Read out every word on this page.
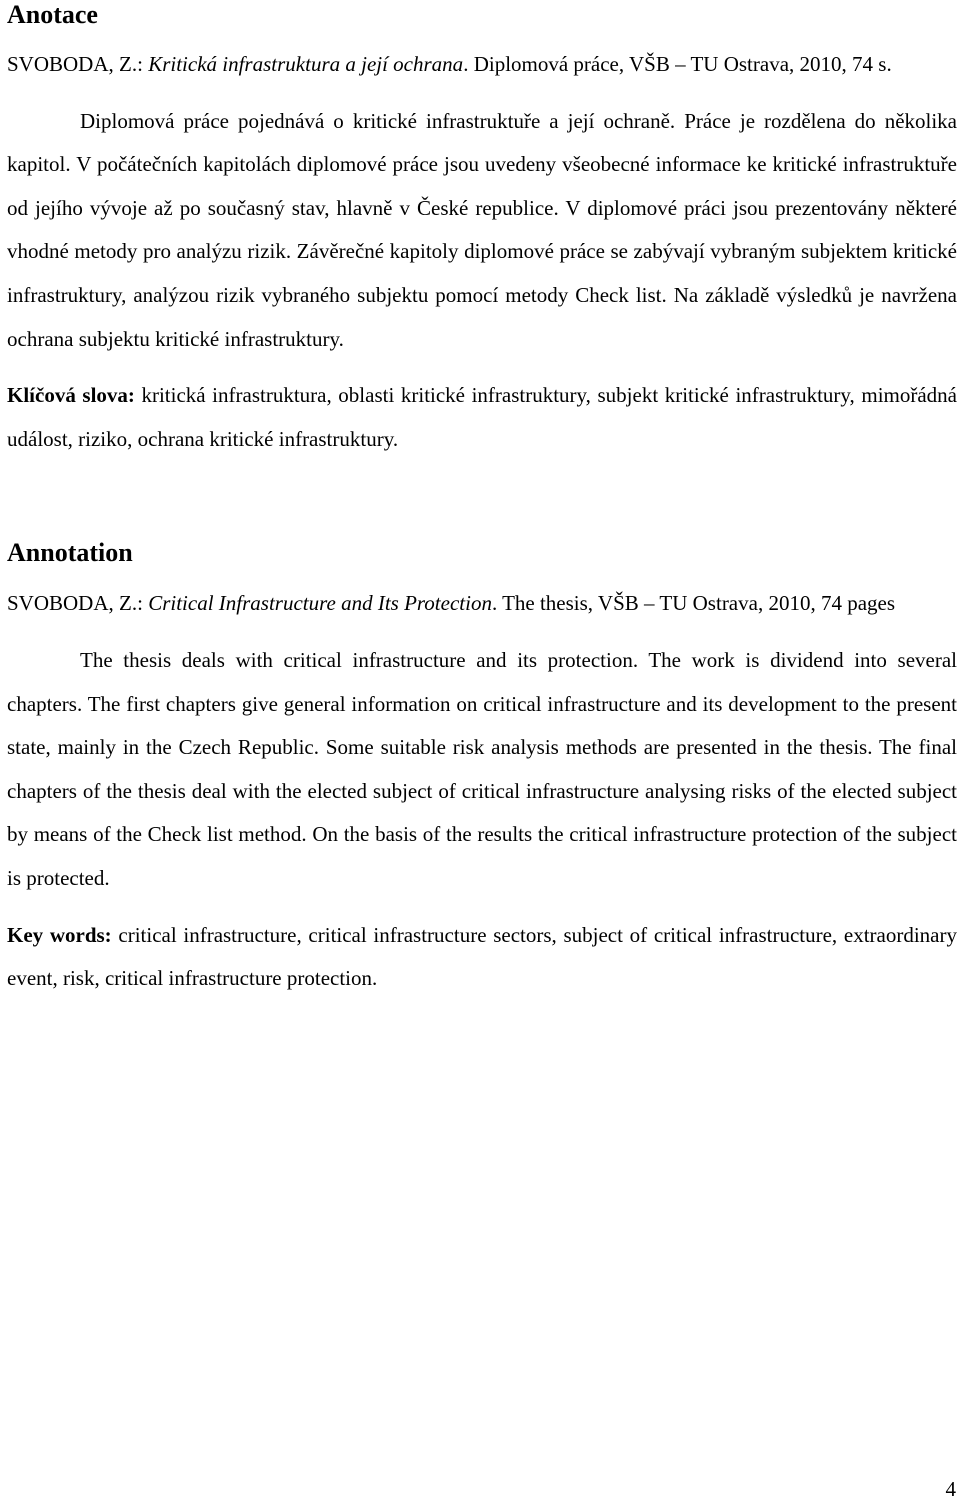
Anotace

SVOBODA, Z.: Kritická infrastruktura a její ochrana. Diplomová práce, VŠB – TU Ostrava, 2010, 74 s.

Diplomová práce pojednává o kritické infrastruktuře a její ochraně. Práce je rozdělena do několika kapitol. V počátečních kapitolách diplomové práce jsou uvedeny všeobecné informace ke kritické infrastruktuře od jejího vývoje až po současný stav, hlavně v České republice. V diplomové práci jsou prezentovány některé vhodné metody pro analýzu rizik. Závěrečné kapitoly diplomové práce se zabývají vybraným subjektem kritické infrastruktury, analýzou rizik vybraného subjektu pomocí metody Check list. Na základě výsledků je navržena ochrana subjektu kritické infrastruktury.

Klíčová slova: kritická infrastruktura, oblasti kritické infrastruktury, subjekt kritické infrastruktury, mimořádná událost, riziko, ochrana kritické infrastruktury.

Annotation

SVOBODA, Z.: Critical Infrastructure and Its Protection. The thesis, VŠB – TU Ostrava, 2010, 74 pages

The thesis deals with critical infrastructure and its protection. The work is dividend into several chapters. The first chapters give general information on critical infrastructure and its development to the present state, mainly in the Czech Republic. Some suitable risk analysis methods are presented in the thesis. The final chapters of the thesis deal with the elected subject of critical infrastructure analysing risks of the elected subject by means of the Check list method. On the basis of the results the critical infrastructure protection of the subject is protected.

Key words: critical infrastructure, critical infrastructure sectors, subject of critical infrastructure, extraordinary event, risk, critical infrastructure protection.

4
